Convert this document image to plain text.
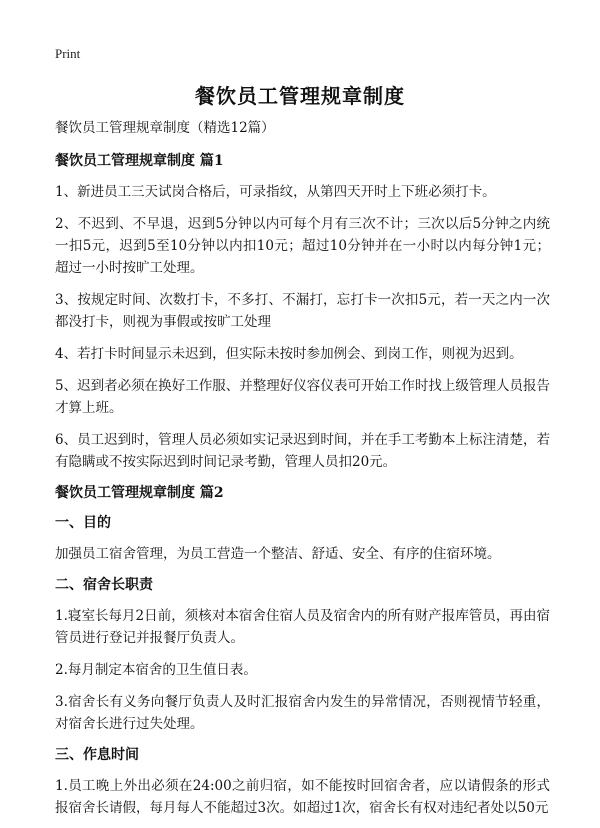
Print
餐饮员工管理规章制度
餐饮员工管理规章制度（精选12篇）
餐饮员工管理规章制度 篇1
1、新进员工三天试岗合格后，可录指纹，从第四天开时上下班必须打卡。
2、不迟到、不早退，迟到5分钟以内可每个月有三次不计；三次以后5分钟之内统一扣5元，迟到5至10分钟以内扣10元；超过10分钟并在一小时以内每分钟1元；超过一小时按旷工处理。
3、按规定时间、次数打卡，不多打、不漏打，忘打卡一次扣5元，若一天之内一次都没打卡，则视为事假或按旷工处理
4、若打卡时间显示未迟到，但实际未按时参加例会、到岗工作，则视为迟到。
5、迟到者必须在换好工作服、并整理好仪容仪表可开始工作时找上级管理人员报告才算上班。
6、员工迟到时，管理人员必须如实记录迟到时间，并在手工考勤本上标注清楚，若有隐瞒或不按实际迟到时间记录考勤，管理人员扣20元。
餐饮员工管理规章制度 篇2
一、目的
加强员工宿舍管理，为员工营造一个整洁、舒适、安全、有序的住宿环境。
二、宿舍长职责
1.寝室长每月2日前，须核对本宿舍住宿人员及宿舍内的所有财产报库管员，再由宿管员进行登记并报餐厅负责人。
2.每月制定本宿舍的卫生值日表。
3.宿舍长有义务向餐厅负责人及时汇报宿舍内发生的异常情况，否则视情节轻重，对宿舍长进行过失处理。
三、作息时间
1.员工晚上外出必须在24:00之前归宿，如不能按时回宿舍者，应以请假条的形式报宿舍长请假，每月每人不能超过3次。如超过1次，宿舍长有权对违纪者处以50元
